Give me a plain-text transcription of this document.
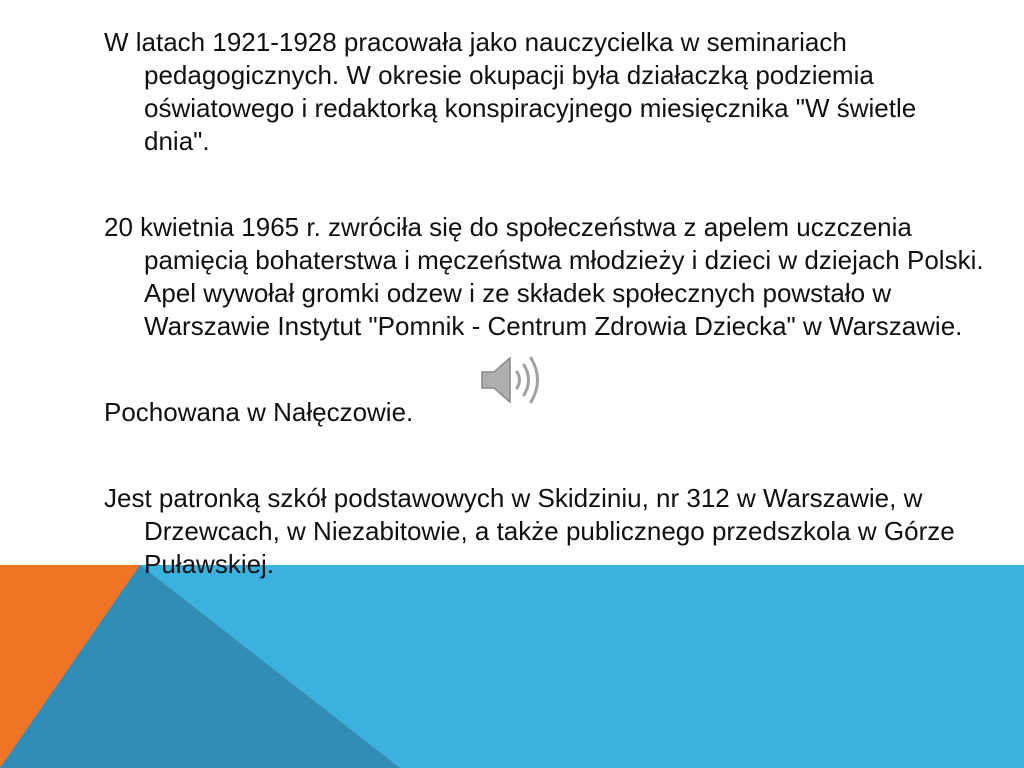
W latach 1921-1928 pracowała jako nauczycielka w seminariach pedagogicznych. W okresie okupacji była działaczką podziemia oświatowego i redaktorką konspiracyjnego miesięcznika "W świetle dnia".

20 kwietnia 1965 r. zwróciła się do społeczeństwa z apelem uczczenia pamięcią bohaterstwa i męczeństwa młodzieży i dzieci w dziejach Polski. Apel wywołał gromki odzew i ze składek społecznych powstało w Warszawie Instytut "Pomnik - Centrum Zdrowia Dziecka" w Warszawie.

Pochowana w Nałęczowie.

Jest patronką szkół podstawowych w Skidziniu, nr 312 w Warszawie, w Drzewcach, w Niezabitowie, a także publicznego przedszkola w Górze Puławskiej.
